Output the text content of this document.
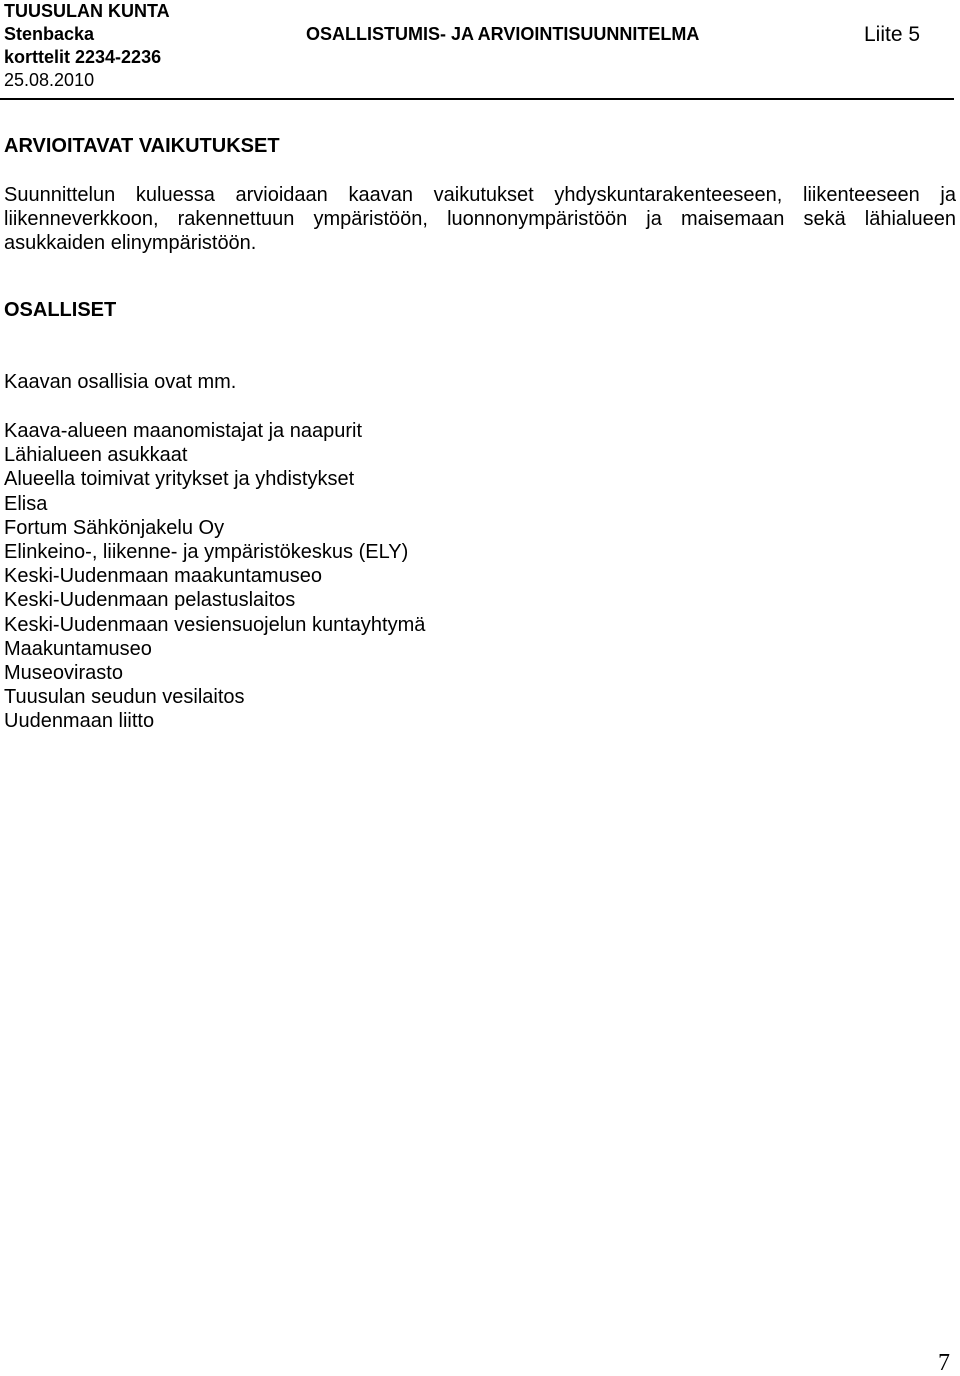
TUUSULAN KUNTA
Stenbacka
korttelit 2234-2236
25.08.2010
OSALLISTUMIS- JA ARVIOINTISUUNNITELMA	Liite 5
ARVIOITAVAT VAIKUTUKSET
Suunnittelun kuluessa arvioidaan kaavan vaikutukset yhdyskuntarakenteeseen, liikenteeseen ja
liikenneverkkoon, rakennettuun ympäristöön, luonnonympäristöön ja maisemaan sekä lähialueen
asukkaiden elinympäristöön.
OSALLISET
Kaavan osallisia ovat mm.
Kaava-alueen maanomistajat ja naapurit
Lähialueen asukkaat
Alueella toimivat yritykset ja yhdistykset
Elisa
Fortum Sähkönjakelu Oy
Elinkeino-, liikenne- ja ympäristökeskus (ELY)
Keski-Uudenmaan maakuntamuseo
Keski-Uudenmaan pelastuslaitos
Keski-Uudenmaan vesiensuojelun kuntayhtymä
Maakuntamuseo
Museovirasto
Tuusulan seudun vesilaitos
Uudenmaan liitto
7
